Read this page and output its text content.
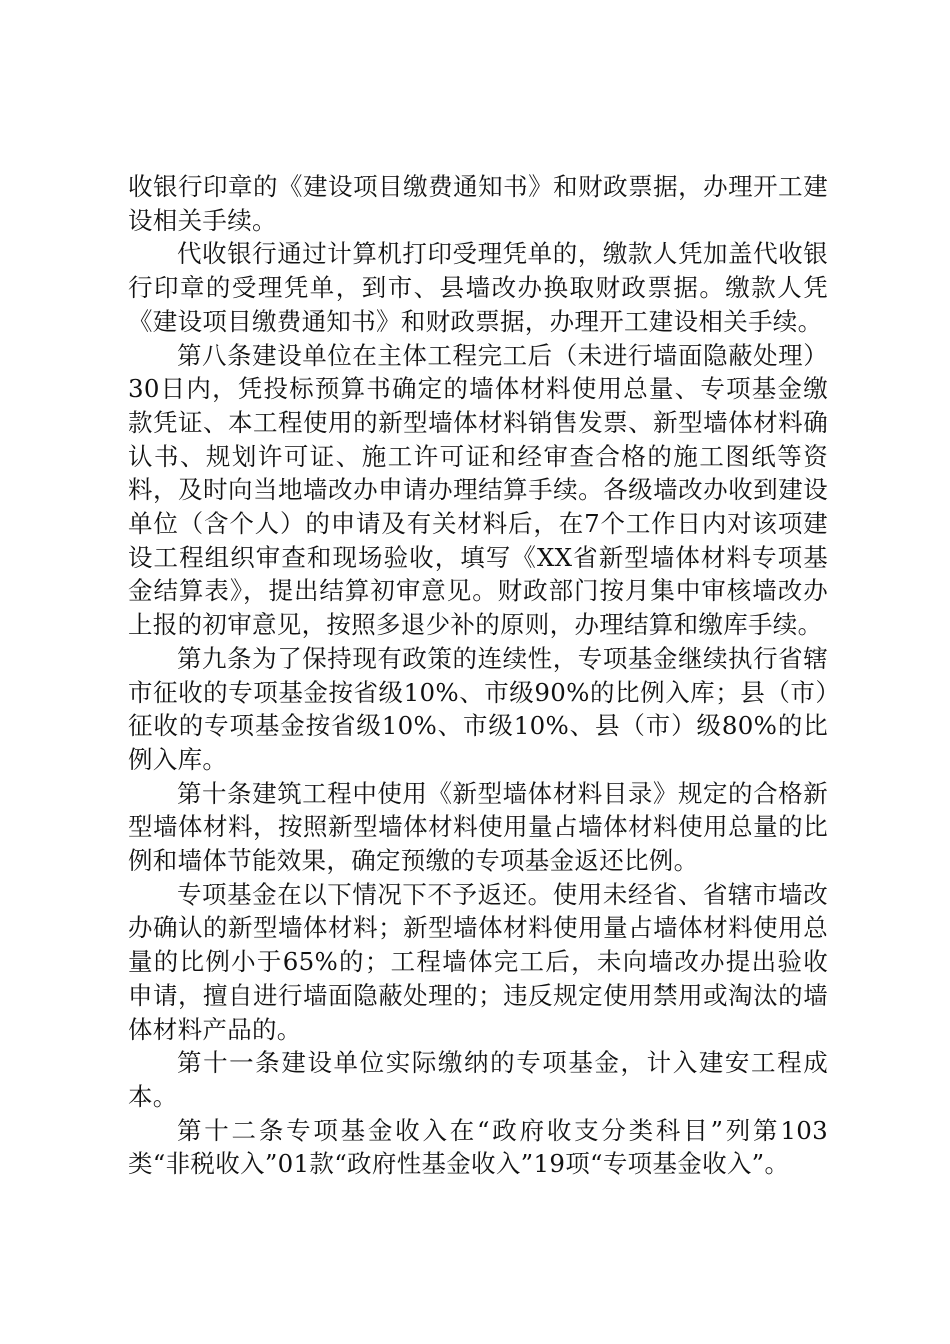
收银行印章的《建设项目缴费通知书》和财政票据，办理开工建设相关手续。

代收银行通过计算机打印受理凭单的，缴款人凭加盖代收银行印章的受理凭单，到市、县墙改办换取财政票据。缴款人凭《建设项目缴费通知书》和财政票据，办理开工建设相关手续。

第八条建设单位在主体工程完工后（未进行墙面隐蔽处理）30日内，凭投标预算书确定的墙体材料使用总量、专项基金缴款凭证、本工程使用的新型墙体材料销售发票、新型墙体材料确认书、规划许可证、施工许可证和经审查合格的施工图纸等资料，及时向当地墙改办申请办理结算手续。各级墙改办收到建设单位（含个人）的申请及有关材料后，在7个工作日内对该项建设工程组织审查和现场验收，填写《XX省新型墙体材料专项基金结算表》，提出结算初审意见。财政部门按月集中审核墙改办上报的初审意见，按照多退少补的原则，办理结算和缴库手续。

第九条为了保持现有政策的连续性，专项基金继续执行省辖市征收的专项基金按省级10%、市级90%的比例入库；县（市）征收的专项基金按省级10%、市级10%、县（市）级80%的比例入库。

第十条建筑工程中使用《新型墙体材料目录》规定的合格新型墙体材料，按照新型墙体材料使用量占墙体材料使用总量的比例和墙体节能效果，确定预缴的专项基金返还比例。

专项基金在以下情况下不予返还。使用未经省、省辖市墙改办确认的新型墙体材料；新型墙体材料使用量占墙体材料使用总量的比例小于65%的；工程墙体完工后，未向墙改办提出验收申请，擅自进行墙面隐蔽处理的；违反规定使用禁用或淘汰的墙体材料产品的。

第十一条建设单位实际缴纳的专项基金，计入建安工程成本。

第十二条专项基金收入在“政府收支分类科目”列第103类“非税收入”01款“政府性基金收入”19项“专项基金收入”。
